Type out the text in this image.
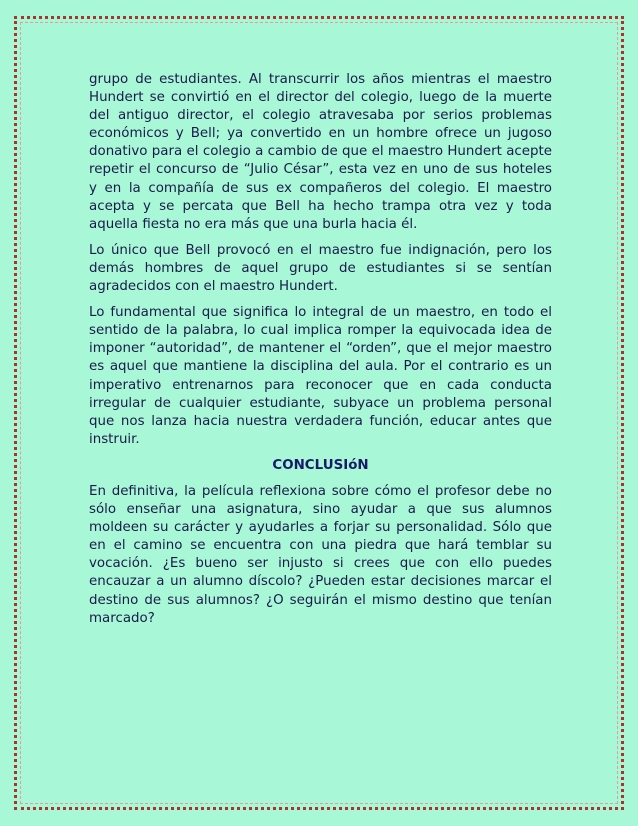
grupo de estudiantes. Al transcurrir los años mientras el maestro Hundert se convirtió en el director del colegio, luego de la muerte del antiguo director, el colegio atravesaba por serios problemas económicos y Bell; ya convertido en un hombre ofrece un jugoso donativo para el colegio a cambio de que el maestro Hundert acepte repetir el concurso de “Julio César”, esta vez en uno de sus hoteles y en la compañía de sus ex compañeros del colegio. El maestro acepta y se percata que Bell ha hecho trampa otra vez y toda aquella fiesta no era más que una burla hacia él.

Lo único que Bell provocó en el maestro fue indignación, pero los demás hombres de aquel grupo de estudiantes si se sentían agradecidos con el maestro Hundert.

Lo fundamental que significa lo integral de un maestro, en todo el sentido de la palabra, lo cual implica romper la equivocada idea de imponer “autoridad”, de mantener el “orden”, que el mejor maestro es aquel que mantiene la disciplina del aula. Por el contrario es un imperativo entrenarnos para reconocer que en cada conducta irregular de cualquier estudiante, subyace un problema personal que nos lanza hacia nuestra verdadera función, educar antes que instruir.

CONCLUSIóN

En definitiva, la película reflexiona sobre cómo el profesor debe no sólo enseñar una asignatura, sino ayudar a que sus alumnos moldeen su carácter y ayudarles a forjar su personalidad. Sólo que en el camino se encuentra con una piedra que hará temblar su vocación. ¿Es bueno ser injusto si crees que con ello puedes encauzar a un alumno díscolo? ¿Pueden estar decisiones marcar el destino de sus alumnos? ¿O seguirán el mismo destino que tenían marcado?
